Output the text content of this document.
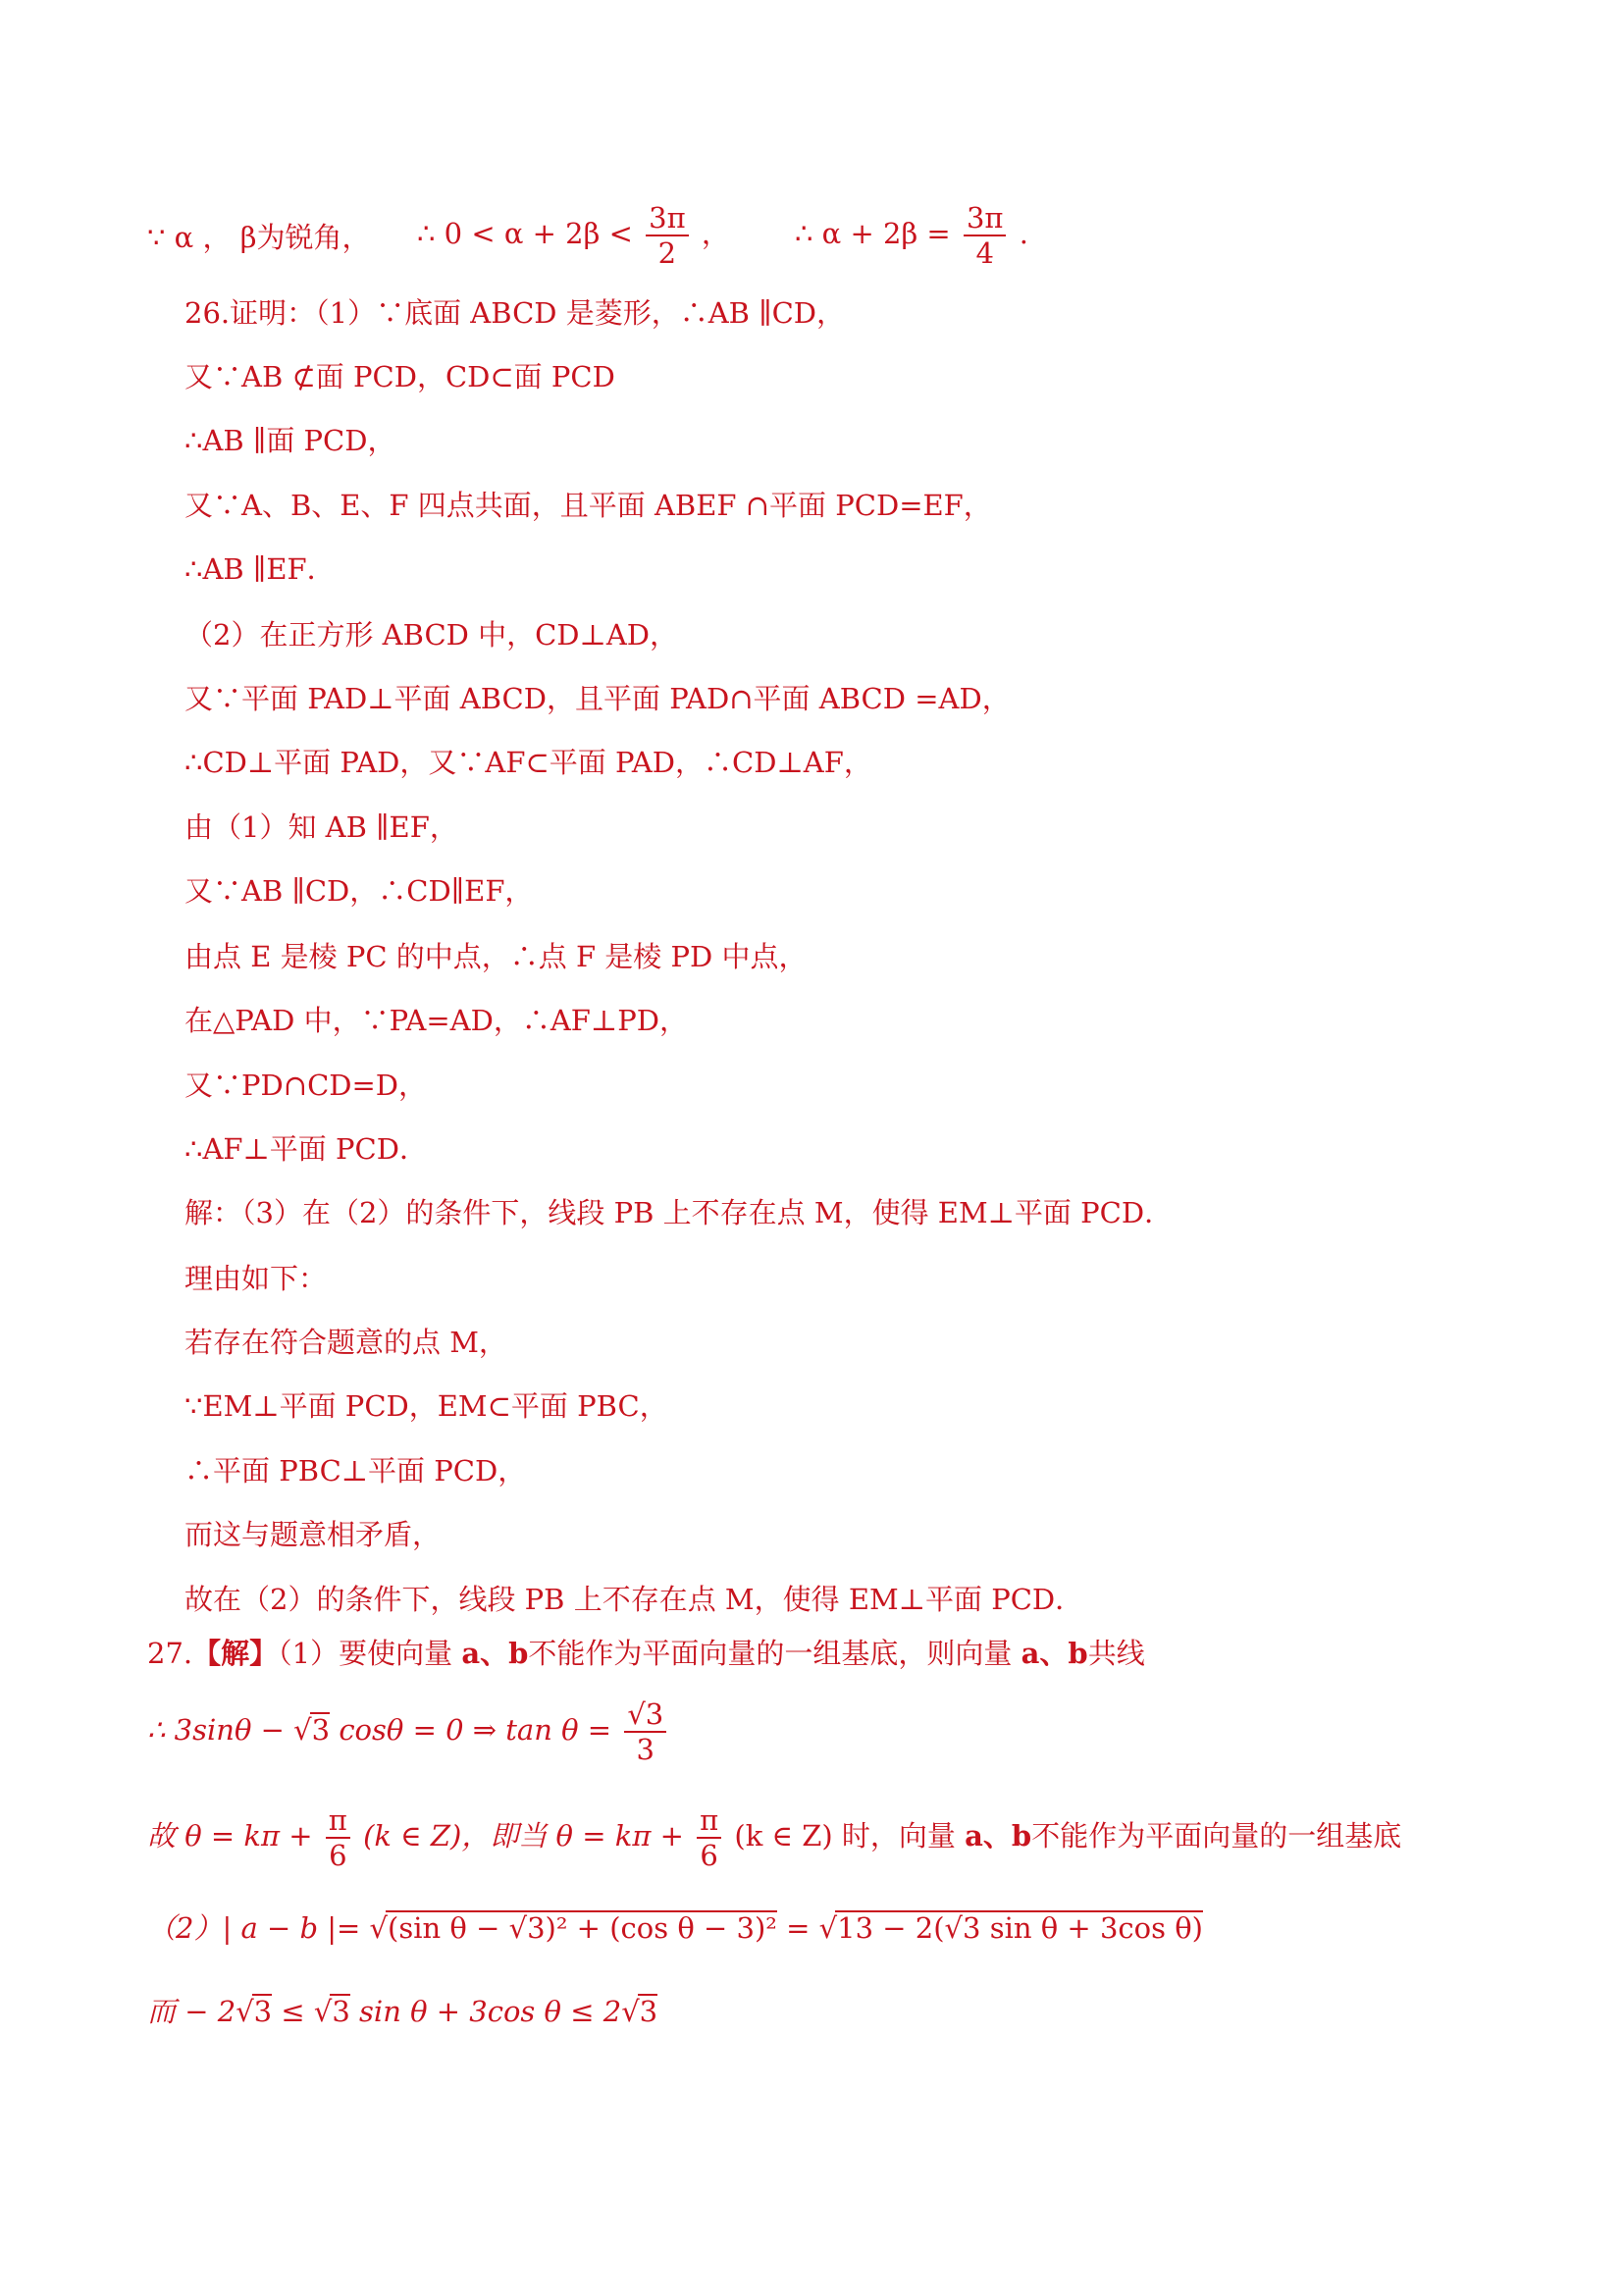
∵ α ， β为锐角， ∴ $0 < \alpha + 2\beta < \frac{3\pi}{2}$ ， ∴ $\alpha + 2\beta = \frac{3\pi}{4}$ .
26.证明：（1）∵底面 ABCD 是菱形，∴AB ∥CD，
又∵AB ⊄面 PCD，CD⊂面 PCD
∴AB ∥面 PCD，
又∵A、B、E、F 四点共面，且平面 ABEF ∩平面 PCD=EF，
∴AB ∥EF．
（2）在正方形 ABCD 中，CD⊥AD，
又∵平面 PAD⊥平面 ABCD，且平面 PAD∩平面 ABCD =AD，
∴CD⊥平面 PAD，又∵AF⊂平面 PAD，∴CD⊥AF，
由（1）知 AB ∥EF，
又∵AB ∥CD，∴CD∥EF，
由点 E 是棱 PC 的中点，∴点 F 是棱 PD 中点，
在△PAD 中，∵PA=AD，∴AF⊥PD，
又∵PD∩CD=D，
∴AF⊥平面 PCD．
解：（3）在（2）的条件下，线段 PB 上不存在点 M，使得 EM⊥平面 PCD．
理由如下：
若存在符合题意的点 M，
∵EM⊥平面 PCD，EM⊂平面 PBC，
∴平面 PBC⊥平面 PCD，
而这与题意相矛盾，
故在（2）的条件下，线段 PB 上不存在点 M，使得 EM⊥平面 PCD．
27.【解】（1）要使向量 a、b不能作为平面向量的一组基底，则向量 a、b共线
∴ 3sinθ − √3 cosθ = 0 ⇒ $\tan \theta = \frac{√3}{3}$
故 $\theta = k\pi + \frac{\pi}{6} (k$ ∈ Z)，即当 $\theta = k\pi + \frac{\pi}{6} (k$ ∈ Z) 时，向量 a、b不能作为平面向量的一组基底
（2）| a − b |= √(sin θ − √3)² + (cos θ − 3)² = √13 − 2(√3 sin θ + 3cos θ)
而 − 2√3 ≤ √3 sin θ + 3cos θ ≤ 2√3
